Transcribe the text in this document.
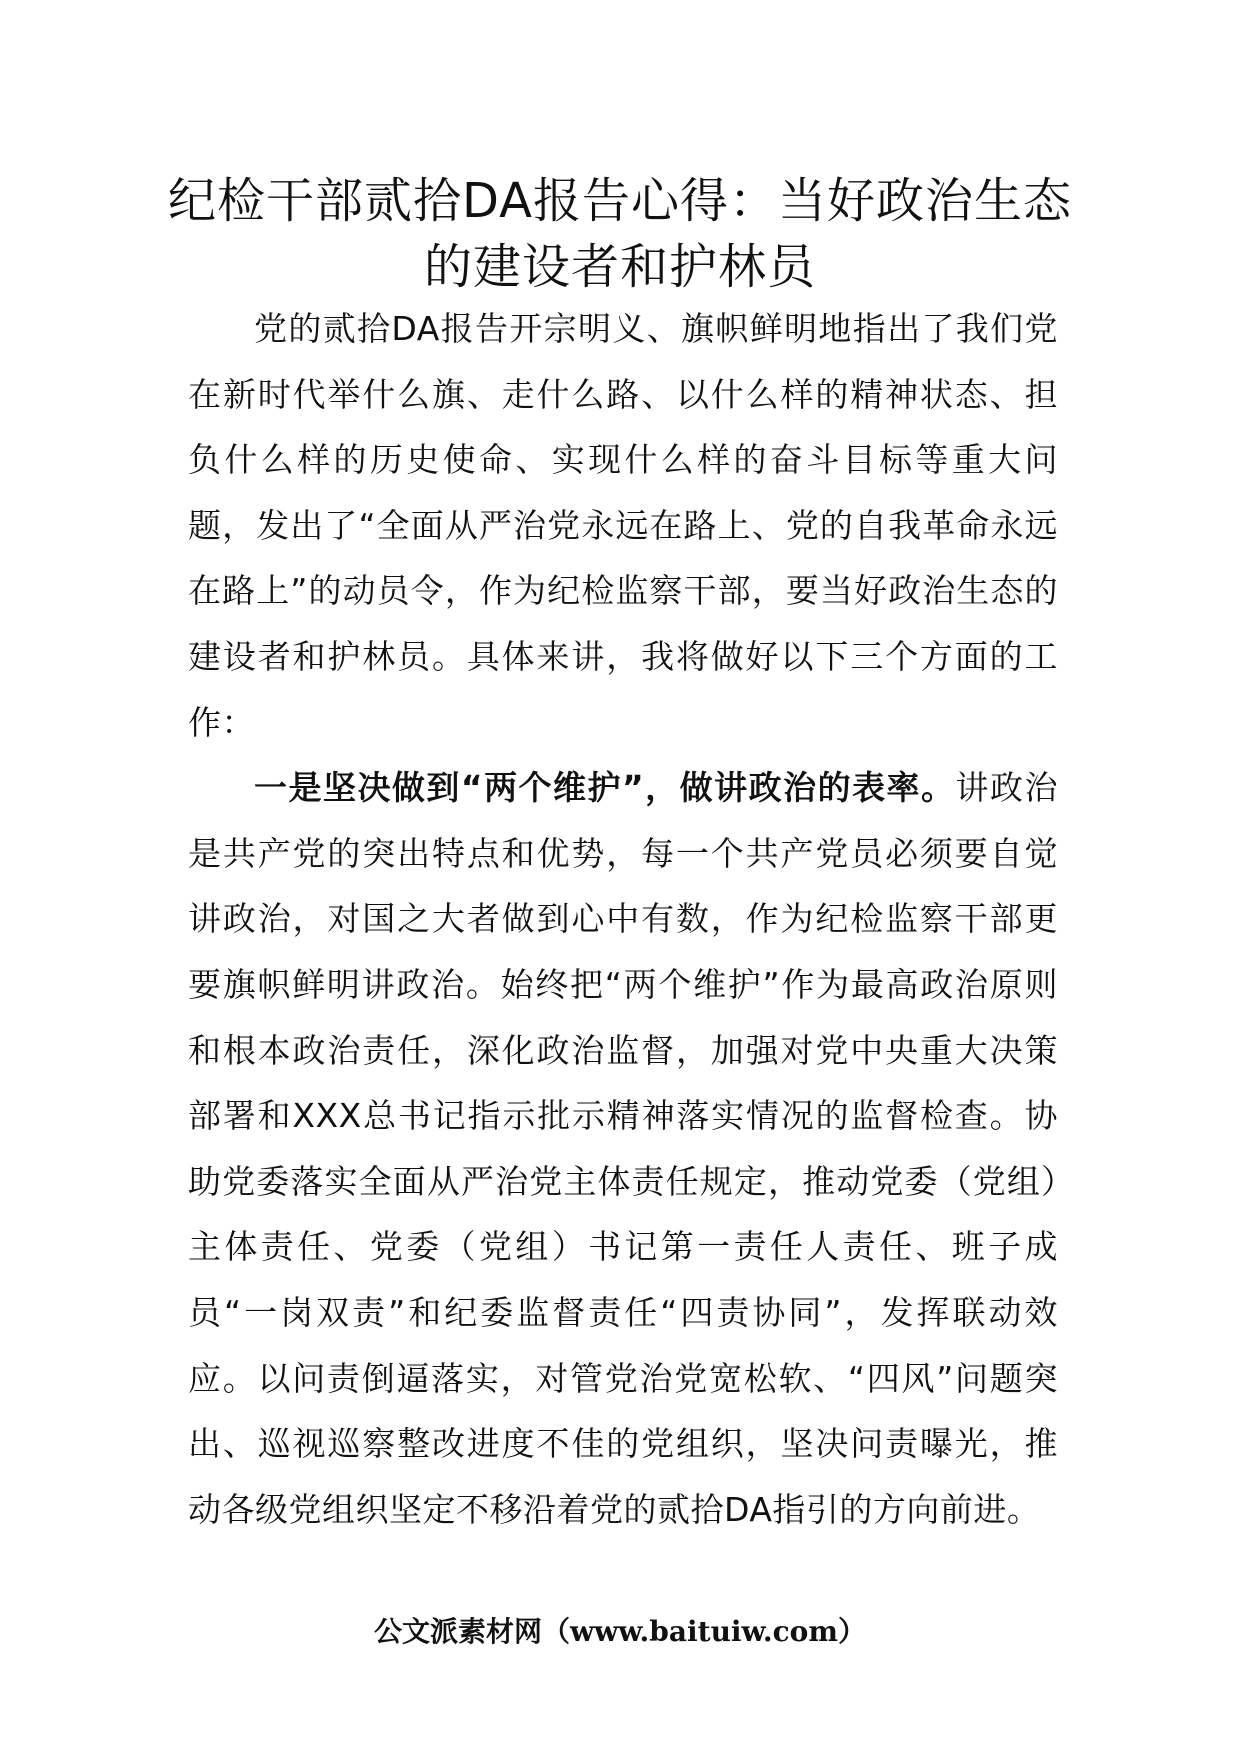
纪检干部贰拾DA报告心得：当好政治生态
的建设者和护林员

党的贰拾DA报告开宗明义、旗帜鲜明地指出了我们党在新时代举什么旗、走什么路、以什么样的精神状态、担负什么样的历史使命、实现什么样的奋斗目标等重大问题，发出了“全面从严治党永远在路上、党的自我革命永远在路上”的动员令，作为纪检监察干部，要当好政治生态的建设者和护林员。具体来讲，我将做好以下三个方面的工作：

一是坚决做到“两个维护”，做讲政治的表率。讲政治是共产党的突出特点和优势，每一个共产党员必须要自觉讲政治，对国之大者做到心中有数，作为纪检监察干部更要旗帜鲜明讲政治。始终把“两个维护”作为最高政治原则和根本政治责任，深化政治监督，加强对党中央重大决策部署和XXX总书记指示批示精神落实情况的监督检查。协助党委落实全面从严治党主体责任规定，推动党委（党组）主体责任、党委（党组）书记第一责任人责任、班子成员“一岗双责”和纪委监督责任“四责协同”，发挥联动效应。以问责倒逼落实，对管党治党宽松软、“四风”问题突出、巡视巡察整改进度不佳的党组织，坚决问责曝光，推动各级党组织坚定不移沿着党的贰拾DA指引的方向前进。

公文派素材网（www.baituiw.com）
